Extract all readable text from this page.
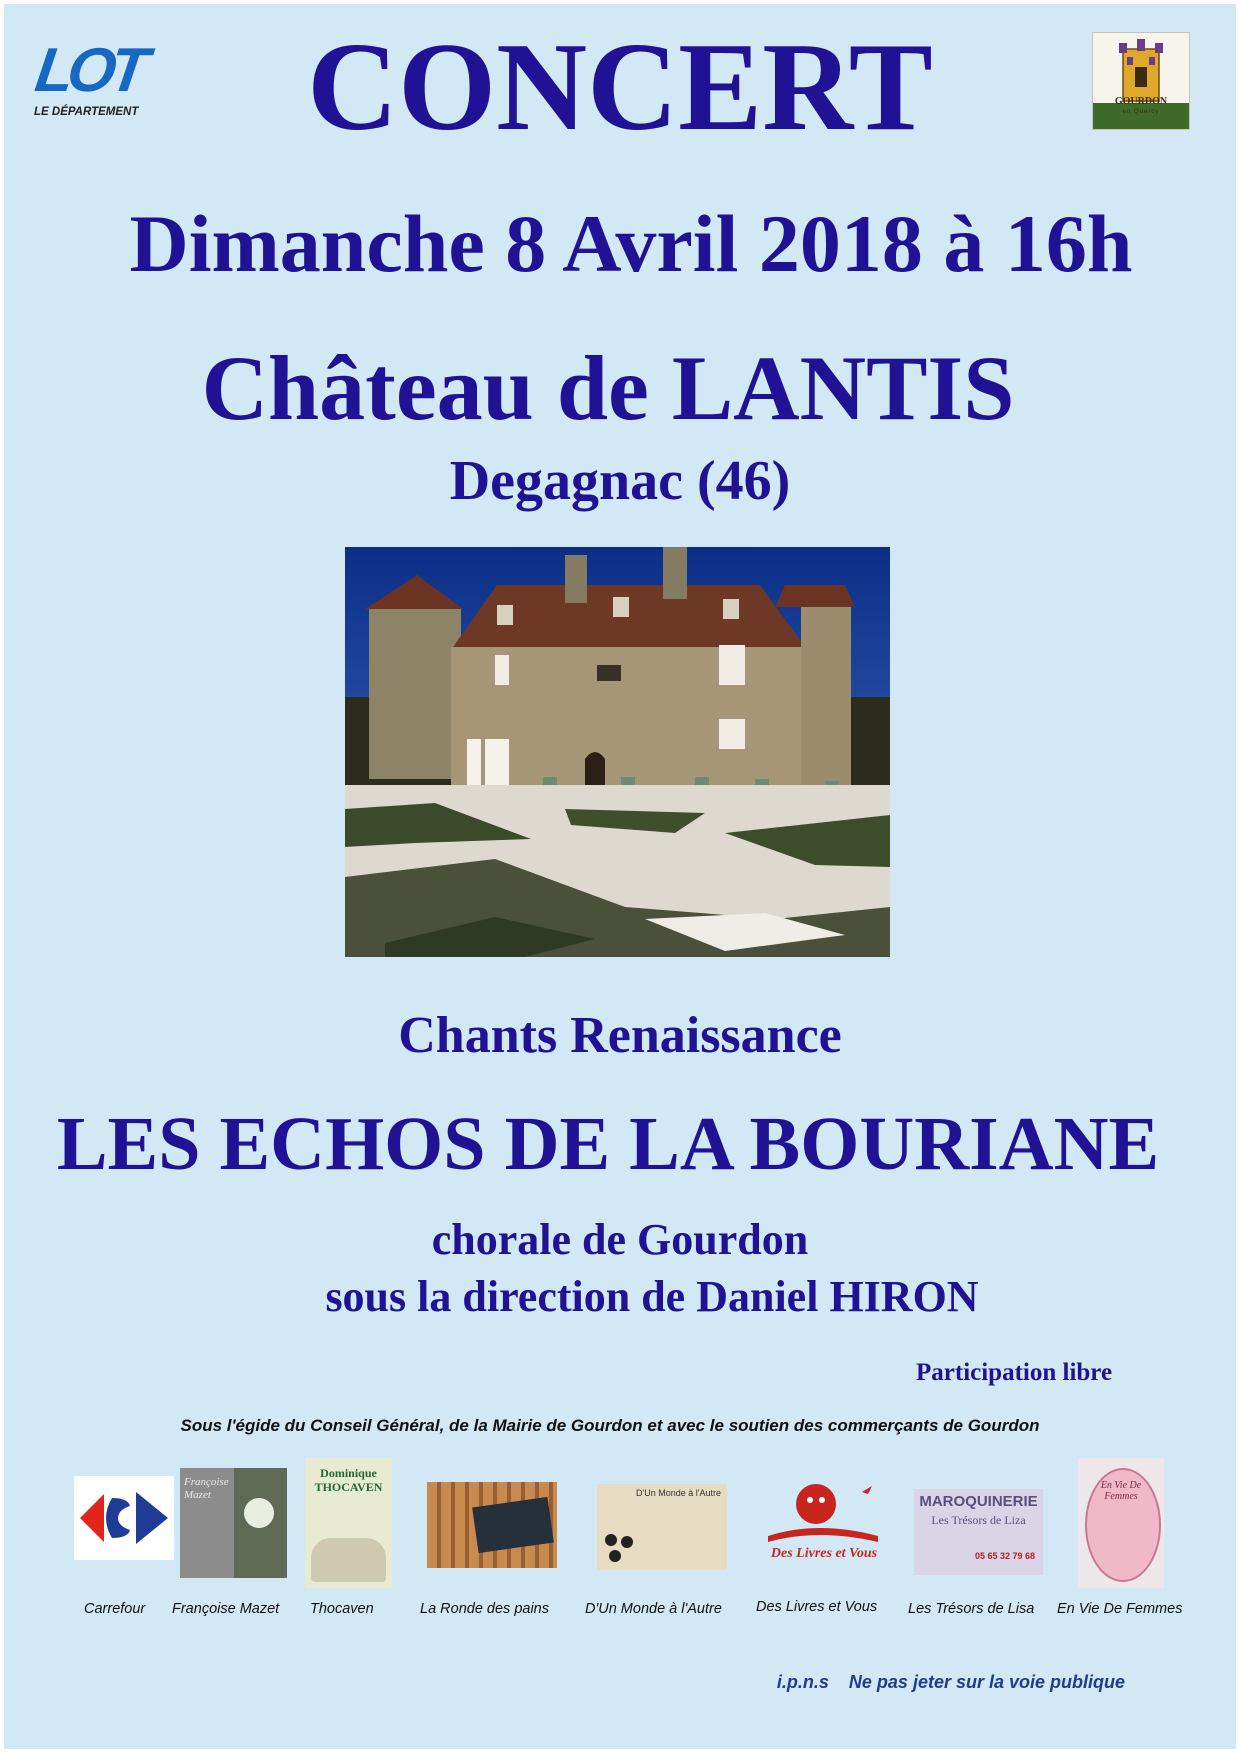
LOT
LE DÉPARTEMENT
GOURDON
en Quercy
CONCERT
Dimanche 8 Avril 2018 à 16h
Château de LANTIS
Degagnac (46)
Chants Renaissance
LES ECHOS DE LA BOURIANE
chorale de Gourdon
sous la direction de Daniel HIRON
Participation libre
Sous l'égide du Conseil Général, de la Mairie de Gourdon et avec le soutien des commerçants de Gourdon
Carrefour
Françoise Mazet
Françoise Mazet
Dominique THOCAVEN
Thocaven	La Ronde des pains
D'Un Monde à l'Autre
D'Un Monde à l'Autre
Des Livres et Vous
Des Livres et Vous
MAROQUINERIE
Les Trésors de Liza
05 65 32 79 68
Les Trésors de Lisa
En Vie De Femmes
En Vie De Femmes
i.p.n.s    Ne pas jeter sur la voie publique
